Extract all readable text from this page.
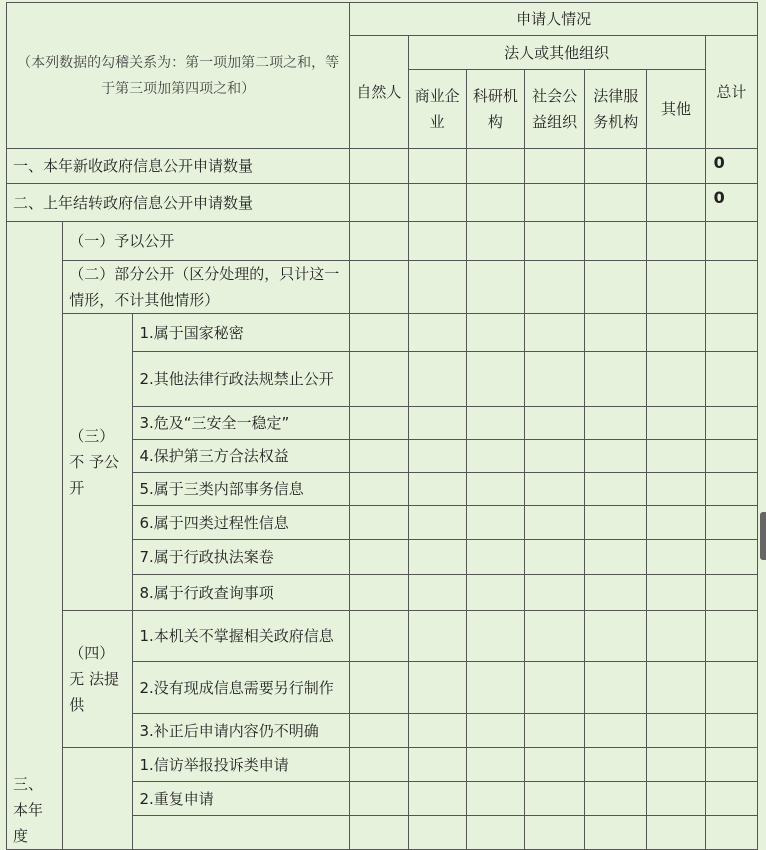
（本列数据的勾稽关系为：第一项加第二项之和，等于第三项加第四项之和）			申请人情况						
			自然人	法人或其他组织					总计
				商业企业	科研机构	社会公益组织	法律服务机构	其他	
一、本年新收政府信息公开申请数量									0
二、上年结转政府信息公开申请数量									0
三、本年度	（一）予以公开								
	（二）部分公开（区分处理的，只计这一情形，不计其他情形）								
	（三）不 予公开	1.属于国家秘密							
		2.其他法律行政法规禁止公开							
		3.危及“三安全一稳定”							
		4.保护第三方合法权益							
		5.属于三类内部事务信息							
		6.属于四类过程性信息							
		7.属于行政执法案卷							
		8.属于行政查询事项							
	（四）无 法提供	1.本机关不掌握相关政府信息							
		2.没有现成信息需要另行制作							
		3.补正后申请内容仍不明确							
		1.信访举报投诉类申请							
		2.重复申请							
